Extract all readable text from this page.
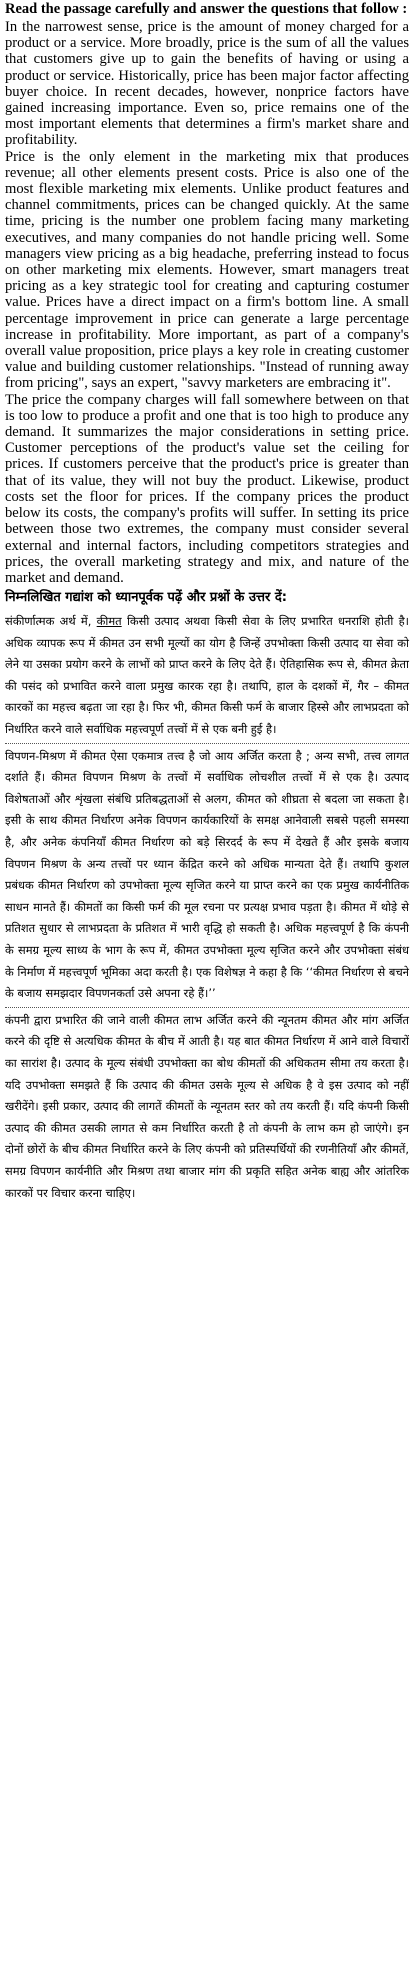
Read the passage carefully and answer the questions that follow :

In the narrowest sense, price is the amount of money charged for a product or a service. More broadly, price is the sum of all the values that customers give up to gain the benefits of having or using a product or service. Historically, price has been major factor affecting buyer choice. In recent decades, however, nonprice factors have gained increasing importance. Even so, price remains one of the most important elements that determines a firm's market share and profitability.

Price is the only element in the marketing mix that produces revenue; all other elements present costs. Price is also one of the most flexible marketing mix elements. Unlike product features and channel commitments, prices can be changed quickly. At the same time, pricing is the number one problem facing many marketing executives, and many companies do not handle pricing well. Some managers view pricing as a big headache, preferring instead to focus on other marketing mix elements. However, smart managers treat pricing as a key strategic tool for creating and capturing costumer value. Prices have a direct impact on a firm's bottom line. A small percentage improvement in price can generate a large percentage increase in profitability. More important, as part of a company's overall value proposition, price plays a key role in creating customer value and building customer relationships. "Instead of running away from pricing", says an expert, "savvy marketers are embracing it".

The price the company charges will fall somewhere between on that is too low to produce a profit and one that is too high to produce any demand. It summarizes the major considerations in setting price. Customer perceptions of the product's value set the ceiling for prices. If customers perceive that the product's price is greater than that of its value, they will not buy the product. Likewise, product costs set the floor for prices. If the company prices the product below its costs, the company's profits will suffer. In setting its price between those two extremes, the company must consider several external and internal factors, including competitors strategies and prices, the overall marketing strategy and mix, and nature of the market and demand.

निम्नलिखित गद्यांश को ध्यानपूर्वक पढ़ें और प्रश्नों के उत्तर दें:

संकीर्णात्मक अर्थ में, कीमत किसी उत्पाद अथवा किसी सेवा के लिए प्रभारित धनराशि होती है। अधिक व्यापक रूप में कीमत उन सभी मूल्यों का योग है जिन्हें उपभोक्ता किसी उत्पाद या सेवा को लेने या उसका प्रयोग करने के लाभों को प्राप्त करने के लिए देते हैं। ऐतिहासिक रूप से, कीमत क्रेता की पसंद को प्रभावित करने वाला प्रमुख कारक रहा है। तथापि, हाल के दशकों में, गैर – कीमत कारकों का महत्त्व बढ़ता जा रहा है। फिर भी, कीमत किसी फर्म के बाजार हिस्से और लाभप्रदता को निर्धारित करने वाले सर्वाधिक महत्त्वपूर्ण तत्त्वों में से एक बनी हुई है।

विपणन-मिश्रण में कीमत ऐसा एकमात्र तत्त्व है जो आय अर्जित करता है ; अन्य सभी, तत्त्व लागत दर्शाते हैं। कीमत विपणन मिश्रण के तत्त्वों में सर्वाधिक लोचशील तत्त्वों में से एक है। उत्पाद विशेषताओं और शृंखला संबंधि प्रतिबद्धताओं से अलग, कीमत को शीघ्रता से बदला जा सकता है। इसी के साथ कीमत निर्धारण अनेक विपणन कार्यकारियों के समक्ष आनेवाली सबसे पहली समस्या है, और अनेक कंपनियाँ कीमत निर्धारण को बड़े सिरदर्द के रूप में देखते हैं और इसके बजाय विपणन मिश्रण के अन्य तत्त्वों पर ध्यान केंद्रित करने को अधिक मान्यता देते हैं। तथापि कुशल प्रबंधक कीमत निर्धारण को उपभोक्ता मूल्य सृजित करने या प्राप्त करने का एक प्रमुख कार्यनीतिक साधन मानते हैं। कीमतों का किसी फर्म की मूल रचना पर प्रत्यक्ष प्रभाव पड़ता है। कीमत में थोड़े से प्रतिशत सुधार से लाभप्रदता के प्रतिशत में भारी वृद्धि हो सकती है। अधिक महत्त्वपूर्ण है कि कंपनी के समग्र मूल्य साध्य के भाग के रूप में, कीमत उपभोक्ता मूल्य सृजित करने और उपभोक्ता संबंध के निर्माण में महत्त्वपूर्ण भूमिका अदा करती है। एक विशेषज्ञ ने कहा है कि ‘‘कीमत निर्धारण से बचने के बजाय समझदार विपणनकर्ता उसे अपना रहे हैं।’’

कंपनी द्वारा प्रभारित की जाने वाली कीमत लाभ अर्जित करने की न्यूनतम कीमत और मांग अर्जित करने की दृष्टि से अत्यधिक कीमत के बीच में आती है। यह बात कीमत निर्धारण में आने वाले विचारों का सारांश है। उत्पाद के मूल्य संबंधी उपभोक्ता का बोध कीमतों की अधिकतम सीमा तय करता है। यदि उपभोक्ता समझते हैं कि उत्पाद की कीमत उसके मूल्य से अधिक है वे इस उत्पाद को नहीं खरीदेंगे। इसी प्रकार, उत्पाद की लागतें कीमतों के न्यूनतम स्तर को तय करती हैं। यदि कंपनी किसी उत्पाद की कीमत उसकी लागत से कम निर्धारित करती है तो कंपनी के लाभ कम हो जाएंगे। इन दोनों छोरों के बीच कीमत निर्धारित करने के लिए कंपनी को प्रतिस्पर्धियों की रणनीतियाँ और कीमतें, समग्र विपणन कार्यनीति और मिश्रण तथा बाजार मांग की प्रकृति सहित अनेक बाह्य और आंतरिक कारकों पर विचार करना चाहिए।
